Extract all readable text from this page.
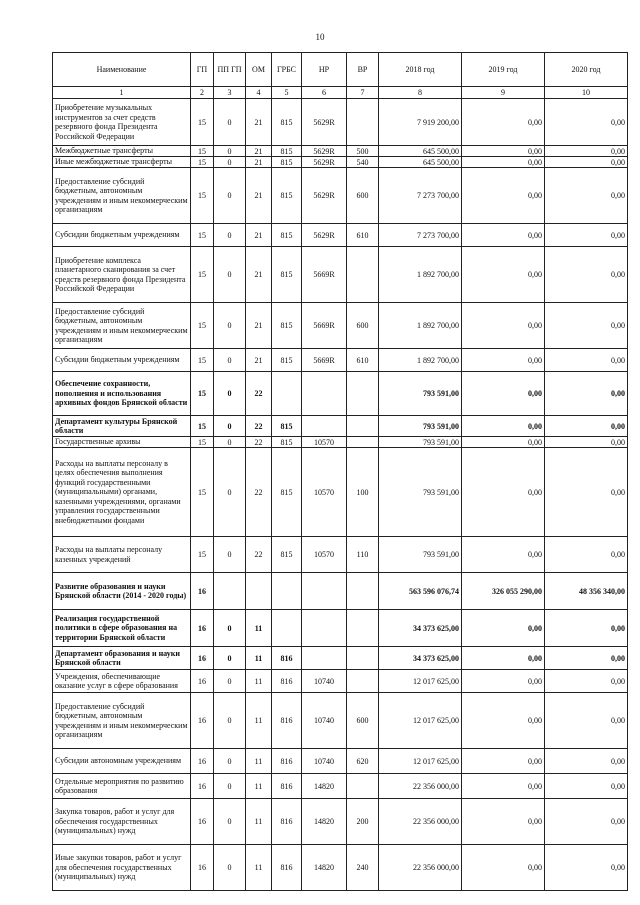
10
Наименование	ГП	ПП ГП	ОМ	ГРБС	НР	ВР	2018 год	2019 год	2020 год
1	2	3	4	5	6	7	8	9	10
Приобретение музыкальных инструментов за счет средств резервного фонда Президента Российской Федерации	15	0	21	815	5629R		7 919 200,00	0,00	0,00
Межбюджетные трансферты	15	0	21	815	5629R	500	645 500,00	0,00	0,00
Иные межбюджетные трансферты	15	0	21	815	5629R	540	645 500,00	0,00	0,00
Предоставление субсидий бюджетным, автономным учреждениям и иным некоммерческим организациям	15	0	21	815	5629R	600	7 273 700,00	0,00	0,00
Субсидии бюджетным учреждениям	15	0	21	815	5629R	610	7 273 700,00	0,00	0,00
Приобретение комплекса планетарного сканирования за счет средств резервного фонда Президента Российской Федерации	15	0	21	815	5669R		1 892 700,00	0,00	0,00
Предоставление субсидий бюджетным, автономным учреждениям и иным некоммерческим организациям	15	0	21	815	5669R	600	1 892 700,00	0,00	0,00
Субсидии бюджетным учреждениям	15	0	21	815	5669R	610	1 892 700,00	0,00	0,00
Обеспечение сохранности, пополнения и использования архивных фондов Брянской области	15	0	22				793 591,00	0,00	0,00
Департамент культуры Брянской области	15	0	22	815			793 591,00	0,00	0,00
Государственные архивы	15	0	22	815	10570		793 591,00	0,00	0,00
Расходы на выплаты персоналу в целях обеспечения выполнения функций государственными (муниципальными) органами, казенными учреждениями, органами управления государственными внебюджетными фондами	15	0	22	815	10570	100	793 591,00	0,00	0,00
Расходы на выплаты персоналу казенных учреждений	15	0	22	815	10570	110	793 591,00	0,00	0,00
Развитие образования и науки Брянской области (2014 - 2020 годы)	16						563 596 076,74	326 055 290,00	48 356 340,00
Реализация государственной политики в сфере образования на территории Брянской области	16	0	11				34 373 625,00	0,00	0,00
Департамент образования и науки Брянской области	16	0	11	816			34 373 625,00	0,00	0,00
Учреждения, обеспечивающие оказание услуг в сфере образования	16	0	11	816	10740		12 017 625,00	0,00	0,00
Предоставление субсидий бюджетным, автономным учреждениям и иным некоммерческим организациям	16	0	11	816	10740	600	12 017 625,00	0,00	0,00
Субсидии автономным учреждениям	16	0	11	816	10740	620	12 017 625,00	0,00	0,00
Отдельные мероприятия по развитию образования	16	0	11	816	14820		22 356 000,00	0,00	0,00
Закупка товаров, работ и услуг для обеспечения государственных (муниципальных) нужд	16	0	11	816	14820	200	22 356 000,00	0,00	0,00
Иные закупки товаров, работ и услуг для обеспечения государственных (муниципальных) нужд	16	0	11	816	14820	240	22 356 000,00	0,00	0,00
